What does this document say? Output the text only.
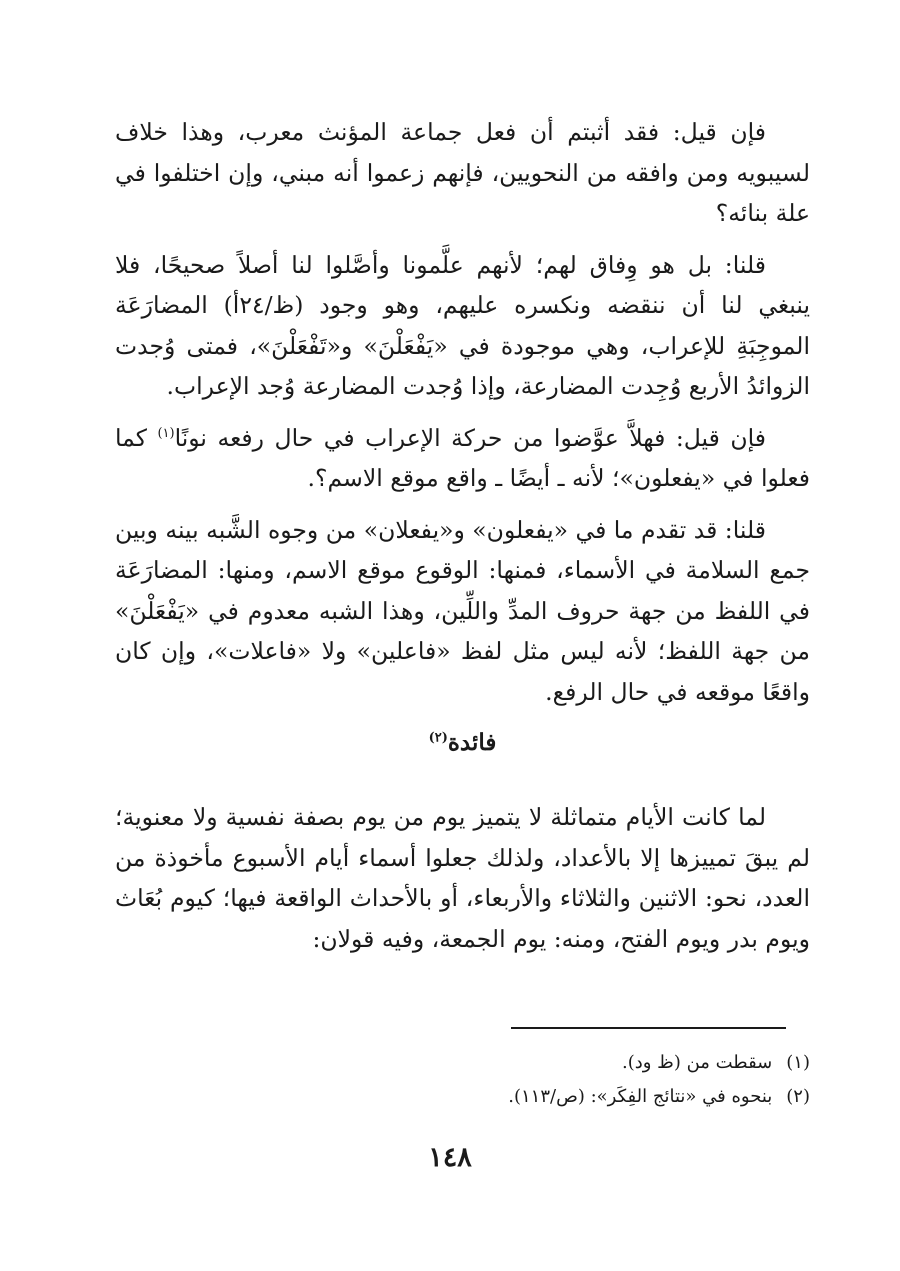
فإن قيل: فقد أثبتم أن فعل جماعة المؤنث معرب، وهذا خلاف لسيبويه ومن وافقه من النحويين، فإنهم زعموا أنه مبني، وإن اختلفوا في علة بنائه؟

قلنا: بل هو وِفاق لهم؛ لأنهم علَّمونا وأصَّلوا لنا أصلاً صحيحًا، فلا ينبغي لنا أن ننقضه ونكسره عليهم، وهو وجود (ظ/٢٤أ) المضارَعَة الموجِبَةِ للإعراب، وهي موجودة في «يَفْعَلْنَ» و«تَفْعَلْنَ»، فمتى وُجدت الزوائدُ الأربع وُجِدت المضارعة، وإذا وُجدت المضارعة وُجد الإعراب.

فإن قيل: فهلاَّ عوَّضوا من حركة الإعراب في حال رفعه نونًا$^{(١)}$ كما فعلوا في «يفعلون»؛ لأنه ـ أيضًا ـ واقع موقع الاسم؟.

قلنا: قد تقدم ما في «يفعلون» و«يفعلان» من وجوه الشَّبه بينه وبين جمع السلامة في الأسماء، فمنها: الوقوع موقع الاسم، ومنها: المضارَعَة في اللفظ من جهة حروف المدِّ واللِّين، وهذا الشبه معدوم في «يَفْعَلْنَ» من جهة اللفظ؛ لأنه ليس مثل لفظ «فاعلين» ولا «فاعلات»، وإن كان واقعًا موقعه في حال الرفع.

فائدة$^{(٢)}$

لما كانت الأيام متماثلة لا يتميز يوم من يوم بصفة نفسية ولا معنوية؛ لم يبقَ تمييزها إلا بالأعداد، ولذلك جعلوا أسماء أيام الأسبوع مأخوذة من العدد، نحو: الاثنين والثلاثاء والأربعاء، أو بالأحداث الواقعة فيها؛ كيوم بُعَاث ويوم بدر ويوم الفتح، ومنه: يوم الجمعة، وفيه قولان:

(١)سقطت من (ظ ود).
(٢)بنحوه في «نتائج الفِكَر»: (ص/١١٣).
١٤٨
